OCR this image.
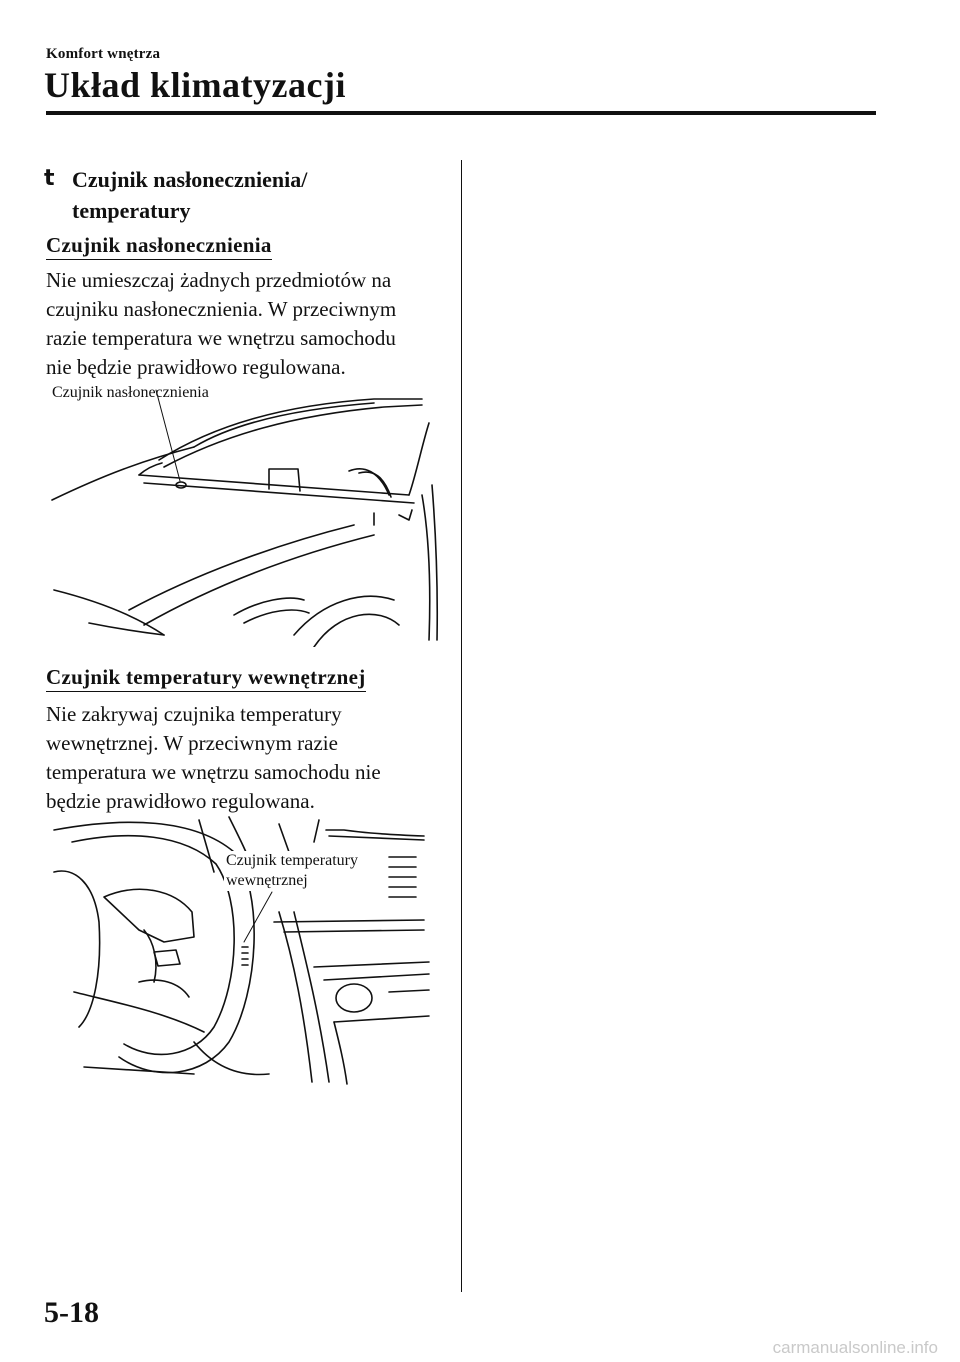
Komfort wnętrza
Układ klimatyzacji
t Czujnik nasłonecznienia/
temperatury
Czujnik nasłonecznienia
Nie umieszczaj żadnych przedmiotów na
czujniku nasłonecznienia. W przeciwnym
razie temperatura we wnętrzu samochodu
nie będzie prawidłowo regulowana.
Czujnik nasłonecznienia
Czujnik temperatury wewnętrznej
Nie zakrywaj czujnika temperatury
wewnętrznej. W przeciwnym razie
temperatura we wnętrzu samochodu nie
będzie prawidłowo regulowana.
Czujnik temperatury
wewnętrznej
5-18
carmanualsonline.info
